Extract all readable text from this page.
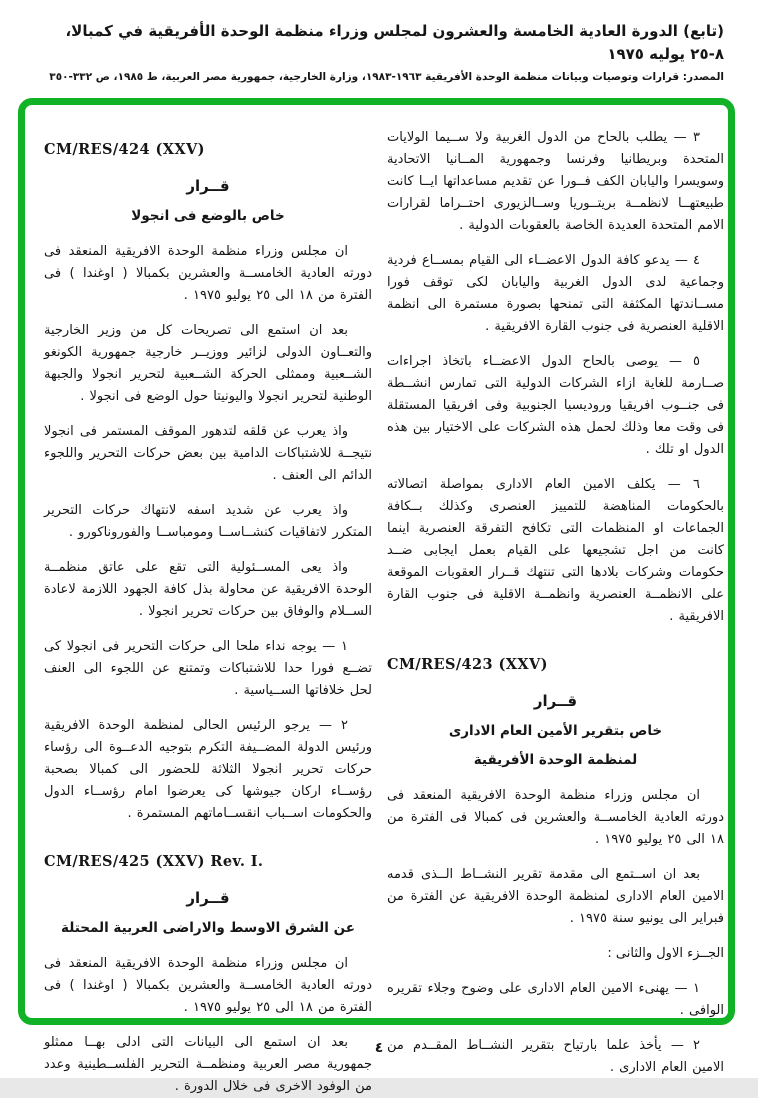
(تابع) الدورة العادية الخامسة والعشرون لمجلس وزراء منظمة الوحدة الأفريقية في كمبالا، ٨-٢٥ يوليه ١٩٧٥
المصدر: قرارات وتوصيات وبيانات منظمة الوحدة الأفريقية ١٩٦٣-١٩٨٣، وزارة الخارجية، جمهورية مصر العربية، ط ١٩٨٥، ص ٣٣٢-٣٥٠
٣ — يطلب بالحاح من الدول الغربية ولا ســيما الولايات المتحدة وبريطانيا وفرنسا وجمهورية المــانيا الاتحادية وسويسرا واليابان الكف فــورا عن تقديم مساعداتها ايــا كانت طبيعتهــا لانظمــة بريتــوريا وســالزيورى احتــراما لقرارات الامم المتحدة العديدة الخاصة بالعقوبات الدولية .
٤ — يدعو كافة الدول الاعضــاء الى القيام بمســاع فردية وجماعية لدى الدول الغربية واليابان لكى توقف فورا مســاندتها المكثفة التى تمنحها بصورة مستمرة الى انظمة الاقلية العنصرية فى جنوب القارة الافريقية .
٥ — يوصى بالحاح الدول الاعضــاء باتخاذ اجراءات صــارمة للغاية ازاء الشركات الدولية التى تمارس انشــطة فى جنــوب افريقيا وروديسيا الجنوبية وفى افريقيا المستقلة فى وقت معا وذلك لحمل هذه الشركات على الاختيار بين هذه الدول او تلك .
٦ — يكلف الامين العام الادارى بمواصلة اتصالاته بالحكومات المناهضة للتمييز العنصرى وكذلك بــكافة الجماعات او المنظمات التى تكافح التفرقة العنصرية اينما كانت من اجل تشجيعها على القيام بعمل ايجابى ضــد حكومات وشركات بلادها التى تنتهك قــرار العقوبات الموقعة على الانظمــة العنصرية وانظمــة الاقلية فى جنوب القارة الافريقية .
CM/RES/423 (XXV)
قــرار
خاص بتقرير الأمين العام الادارى
لمنظمة الوحدة الأفريقية
ان مجلس وزراء منظمة الوحدة الافريقية المنعقد فى دورته العادية الخامســة والعشرين فى كمبالا فى الفترة من ١٨ الى ٢٥ يوليو ١٩٧٥ .
بعد ان اســتمع الى مقدمة تقرير النشــاط الــذى قدمه الامين العام الادارى لمنظمة الوحدة الافريقية عن الفترة من فبراير الى يونيو سنة ١٩٧٥ .
الجــزء الاول والثانى :
١ — يهنىء الامين العام الادارى على وضوح وجلاء تقريره الوافى .
٢ — يأخذ علما بارتياح بتقرير النشــاط المقــدم من الامين العام الادارى .
CM/RES/424 (XXV)
قــرار
خاص بالوضع فى انجولا
ان مجلس وزراء منظمة الوحدة الافريقية المنعقد فى دورته العادية الخامســة والعشرين بكمبالا ( اوغندا ) فى الفترة من ١٨ الى ٢٥ يوليو ١٩٧٥ .
بعد ان استمع الى تصريحات كل من وزير الخارجية والتعــاون الدولى لزائير ووزيــر خارجية جمهورية الكونغو الشــعبية وممثلى الحركة الشــعبية لتحرير انجولا والجبهة الوطنية لتحرير انجولا واليونيتا حول الوضع فى انجولا .
واذ يعرب عن قلقه لتدهور الموقف المستمر فى انجولا نتيجــة للاشتباكات الدامية بين بعض حركات التحرير واللجوء الدائم الى العنف .
واذ يعرب عن شديد اسفه لانتهاك حركات التحرير المتكرر لاتفاقيات كنشــاســا ومومباســا والفوروناكورو .
واذ يعى المســئولية التى تقع على عاتق منظمــة الوحدة الافريقية عن محاولة بذل كافة الجهود اللازمة لاعادة الســلام والوفاق بين حركات تحرير انجولا .
١ — يوجه نداء ملحا الى حركات التحرير فى انجولا كى تضــع فورا حدا للاشتباكات وتمتنع عن اللجوء الى العنف لحل خلافاتها الســياسية .
٢ — يرجو الرئيس الحالى لمنظمة الوحدة الافريقية ورئيس الدولة المضــيفة التكرم بتوجيه الدعــوة الى رؤساء حركات تحرير انجولا الثلاثة للحضور الى كمبالا بصحبة رؤســاء اركان جيوشها كى يعرضوا امام رؤســاء الدول والحكومات اســباب انقســاماتهم المستمرة .
CM/RES/425 (XXV) Rev. I.
قــرار
عن الشرق الاوسط والاراضى العربية المحتلة
ان مجلس وزراء منظمة الوحدة الافريقية المنعقد فى دورته العادية الخامســة والعشرين بكمبالا ( اوغندا ) فى الفترة من ١٨ الى ٢٥ يوليو ١٩٧٥ .
بعد ان استمع الى البيانات التى ادلى بهــا ممثلو جمهورية مصر العربية ومنظمــة التحرير الفلســطينية وعدد من الوفود الاخرى فى خلال الدورة .
٤
